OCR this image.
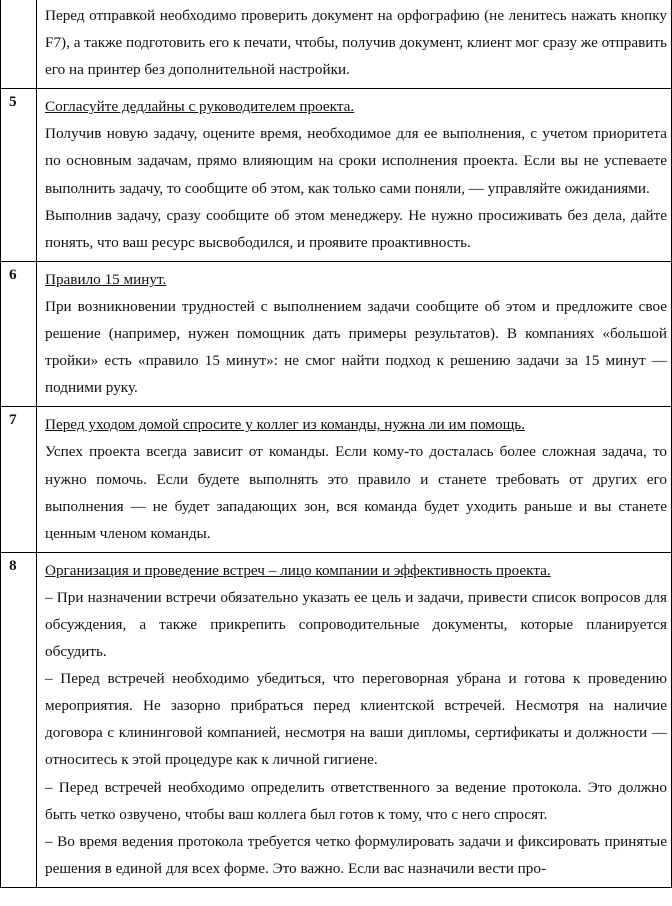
	Перед отправкой необходимо проверить документ на орфографию (не ленитесь нажать кнопку F7), а также подготовить его к печати, чтобы, получив документ, клиент мог сразу же отправить его на принтер без дополнительной настройки.

5	Согласуйте дедлайны с руководителем проекта.

Получив новую задачу, оцените время, необходимое для ее выполнения, с учетом приоритета по основным задачам, прямо влияющим на сроки исполнения проекта. Если вы не успеваете выполнить задачу, то сообщите об этом, как только сами поняли, — управляйте ожиданиями.

Выполнив задачу, сразу сообщите об этом менеджеру. Не нужно просиживать без дела, дайте понять, что ваш ресурс высвободился, и проявите проактивность.

6	Правило 15 минут.

При возникновении трудностей с выполнением задачи сообщите об этом и предложите свое решение (например, нужен помощник дать примеры результатов). В компаниях «большой тройки» есть «правило 15 минут»: не смог найти подход к решению задачи за 15 минут — подними руку.

7	Перед уходом домой спросите у коллег из команды, нужна ли им помощь.

Успех проекта всегда зависит от команды. Если кому-то досталась более сложная задача, то нужно помочь. Если будете выполнять это правило и станете требовать от других его выполнения — не будет западающих зон, вся команда будет уходить раньше и вы станете ценным членом команды.

8	Организация и проведение встреч – лицо компании и эффективность проекта.

– При назначении встречи обязательно указать ее цель и задачи, привести список вопросов для обсуждения, а также прикрепить сопроводительные документы, которые планируется обсудить.

– Перед встречей необходимо убедиться, что переговорная убрана и готова к проведению мероприятия. Не зазорно прибраться перед клиентской встречей. Несмотря на наличие договора с клининговой компанией, несмотря на ваши дипломы, сертификаты и должности — относитесь к этой процедуре как к личной гигиене.

– Перед встречей необходимо определить ответственного за ведение протокола. Это должно быть четко озвучено, чтобы ваш коллега был готов к тому, что с него спросят.

– Во время ведения протокола требуется четко формулировать задачи и фиксировать принятые решения в единой для всех форме. Это важно. Если вас назначили вести про-
